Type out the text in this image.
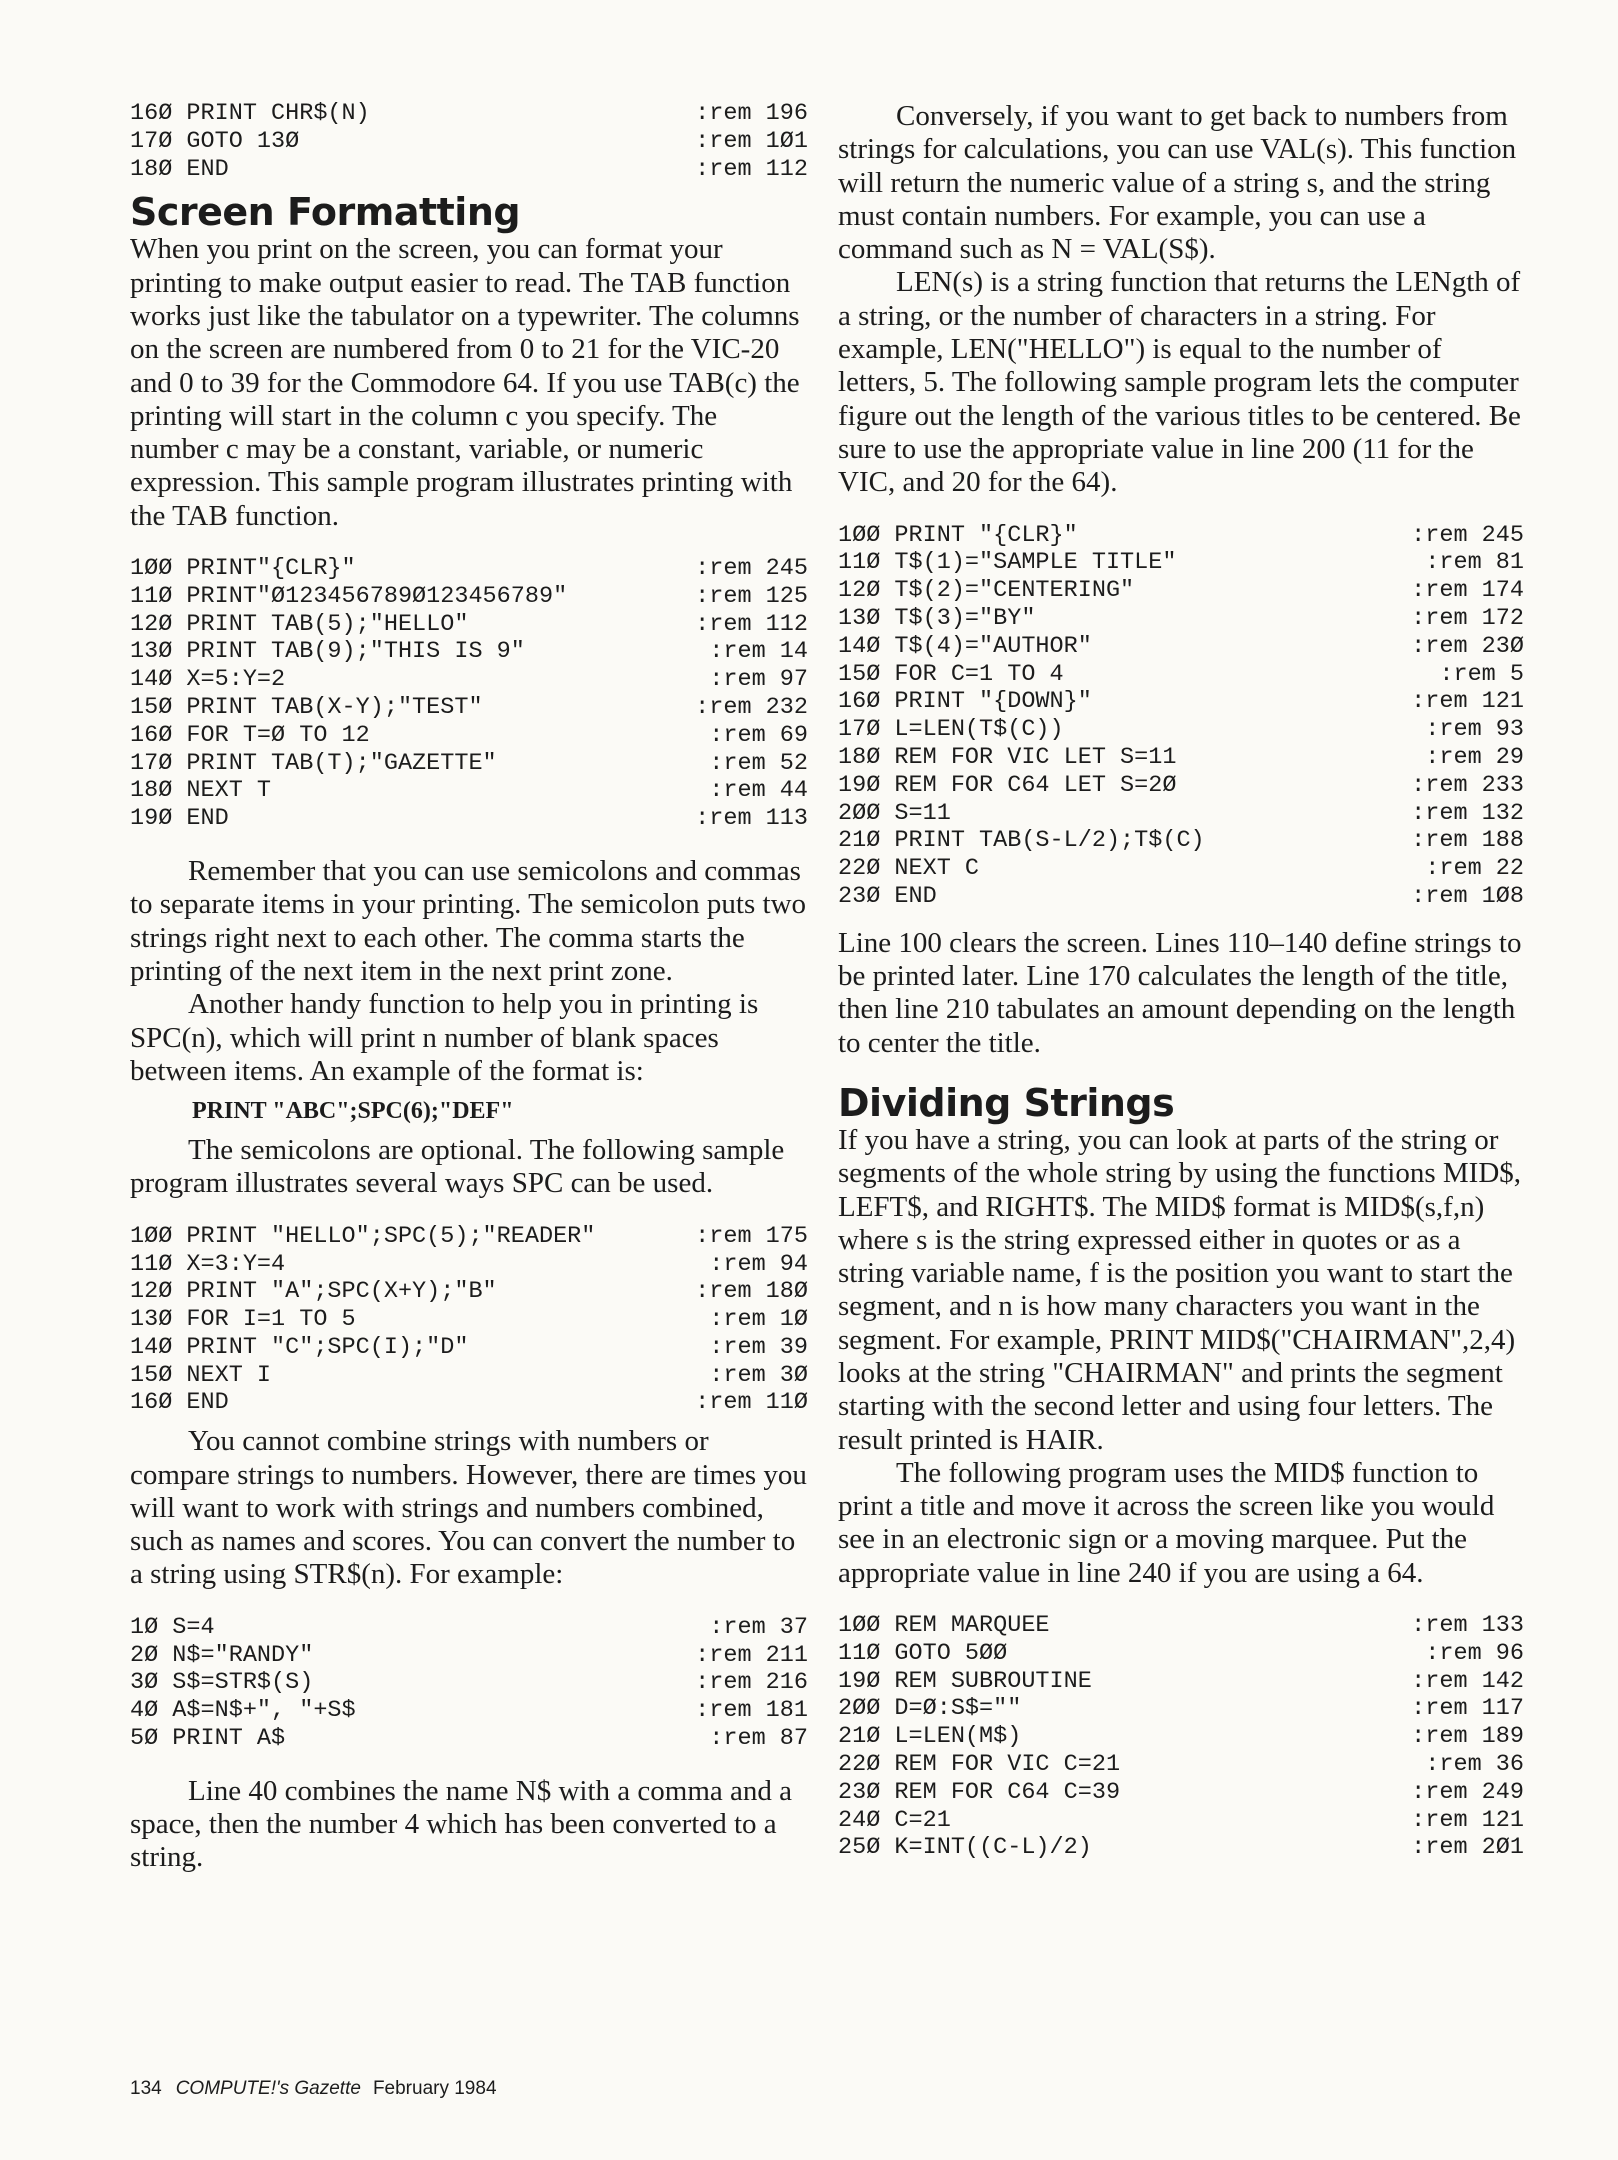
16Ø PRINT CHR$(N)	:rem 196
17Ø GOTO 13Ø	:rem 1Ø1
18Ø END	:rem 112
Screen Formatting

When you print on the screen, you can format your printing to make output easier to read. The TAB function works just like the tabulator on a typewriter. The columns on the screen are numbered from 0 to 21 for the VIC-20 and 0 to 39 for the Commodore 64. If you use TAB(c) the printing will start in the column c you specify. The number c may be a constant, variable, or numeric expression. This sample program illustrates printing with the TAB function.

1ØØ PRINT"{CLR}"	:rem 245
11Ø PRINT"Ø123456789Ø123456789"	:rem 125
12Ø PRINT TAB(5);"HELLO"	:rem 112
13Ø PRINT TAB(9);"THIS IS 9"	:rem 14
14Ø X=5:Y=2	:rem 97
15Ø PRINT TAB(X-Y);"TEST"	:rem 232
16Ø FOR T=Ø TO 12	:rem 69
17Ø PRINT TAB(T);"GAZETTE"	:rem 52
18Ø NEXT T	:rem 44
19Ø END	:rem 113

Remember that you can use semicolons and commas to separate items in your printing. The semicolon puts two strings right next to each other. The comma starts the printing of the next item in the next print zone.

Another handy function to help you in printing is SPC(n), which will print n number of blank spaces between items. An example of the format is:

PRINT "ABC";SPC(6);"DEF"

The semicolons are optional. The following sample program illustrates several ways SPC can be used.

1ØØ PRINT "HELLO";SPC(5);"READER"	:rem 175
11Ø X=3:Y=4	:rem 94
12Ø PRINT "A";SPC(X+Y);"B"	:rem 18Ø
13Ø FOR I=1 TO 5	:rem 1Ø
14Ø PRINT "C";SPC(I);"D"	:rem 39
15Ø NEXT I	:rem 3Ø
16Ø END	:rem 11Ø

You cannot combine strings with numbers or compare strings to numbers. However, there are times you will want to work with strings and numbers combined, such as names and scores. You can convert the number to a string using STR$(n). For example:

1Ø S=4	:rem 37
2Ø N$="RANDY"	:rem 211
3Ø S$=STR$(S)	:rem 216
4Ø A$=N$+", "+S$	:rem 181
5Ø PRINT A$	:rem 87

Line 40 combines the name N$ with a comma and a space, then the number 4 which has been converted to a string.

Conversely, if you want to get back to numbers from strings for calculations, you can use VAL(s). This function will return the numeric value of a string s, and the string must contain numbers. For example, you can use a command such as N = VAL(S$).

LEN(s) is a string function that returns the LENgth of a string, or the number of characters in a string. For example, LEN("HELLO") is equal to the number of letters, 5. The following sample program lets the computer figure out the length of the various titles to be centered. Be sure to use the appropriate value in line 200 (11 for the VIC, and 20 for the 64).

1ØØ PRINT "{CLR}"	:rem 245
11Ø T$(1)="SAMPLE TITLE"	:rem 81
12Ø T$(2)="CENTERING"	:rem 174
13Ø T$(3)="BY"	:rem 172
14Ø T$(4)="AUTHOR"	:rem 23Ø
15Ø FOR C=1 TO 4	:rem 5
16Ø PRINT "{DOWN}"	:rem 121
17Ø L=LEN(T$(C))	:rem 93
18Ø REM FOR VIC LET S=11	:rem 29
19Ø REM FOR C64 LET S=2Ø	:rem 233
2ØØ S=11	:rem 132
21Ø PRINT TAB(S-L/2);T$(C)	:rem 188
22Ø NEXT C	:rem 22
23Ø END	:rem 1Ø8

Line 100 clears the screen. Lines 110–140 define strings to be printed later. Line 170 calculates the length of the title, then line 210 tabulates an amount depending on the length to center the title.

Dividing Strings

If you have a string, you can look at parts of the string or segments of the whole string by using the functions MID$, LEFT$, and RIGHT$. The MID$ format is MID$(s,f,n) where s is the string expressed either in quotes or as a string variable name, f is the position you want to start the segment, and n is how many characters you want in the segment. For example, PRINT MID$("CHAIRMAN",2,4) looks at the string "CHAIRMAN" and prints the segment starting with the second letter and using four letters. The result printed is HAIR.

The following program uses the MID$ function to print a title and move it across the screen like you would see in an electronic sign or a moving marquee. Put the appropriate value in line 240 if you are using a 64.

1ØØ REM MARQUEE	:rem 133
11Ø GOTO 5ØØ	:rem 96
19Ø REM SUBROUTINE	:rem 142
2ØØ D=Ø:S$=""	:rem 117
21Ø L=LEN(M$)	:rem 189
22Ø REM FOR VIC C=21	:rem 36
23Ø REM FOR C64 C=39	:rem 249
24Ø C=21	:rem 121
25Ø K=INT((C-L)/2)	:rem 2Ø1
134 COMPUTE!'s Gazette February 1984
